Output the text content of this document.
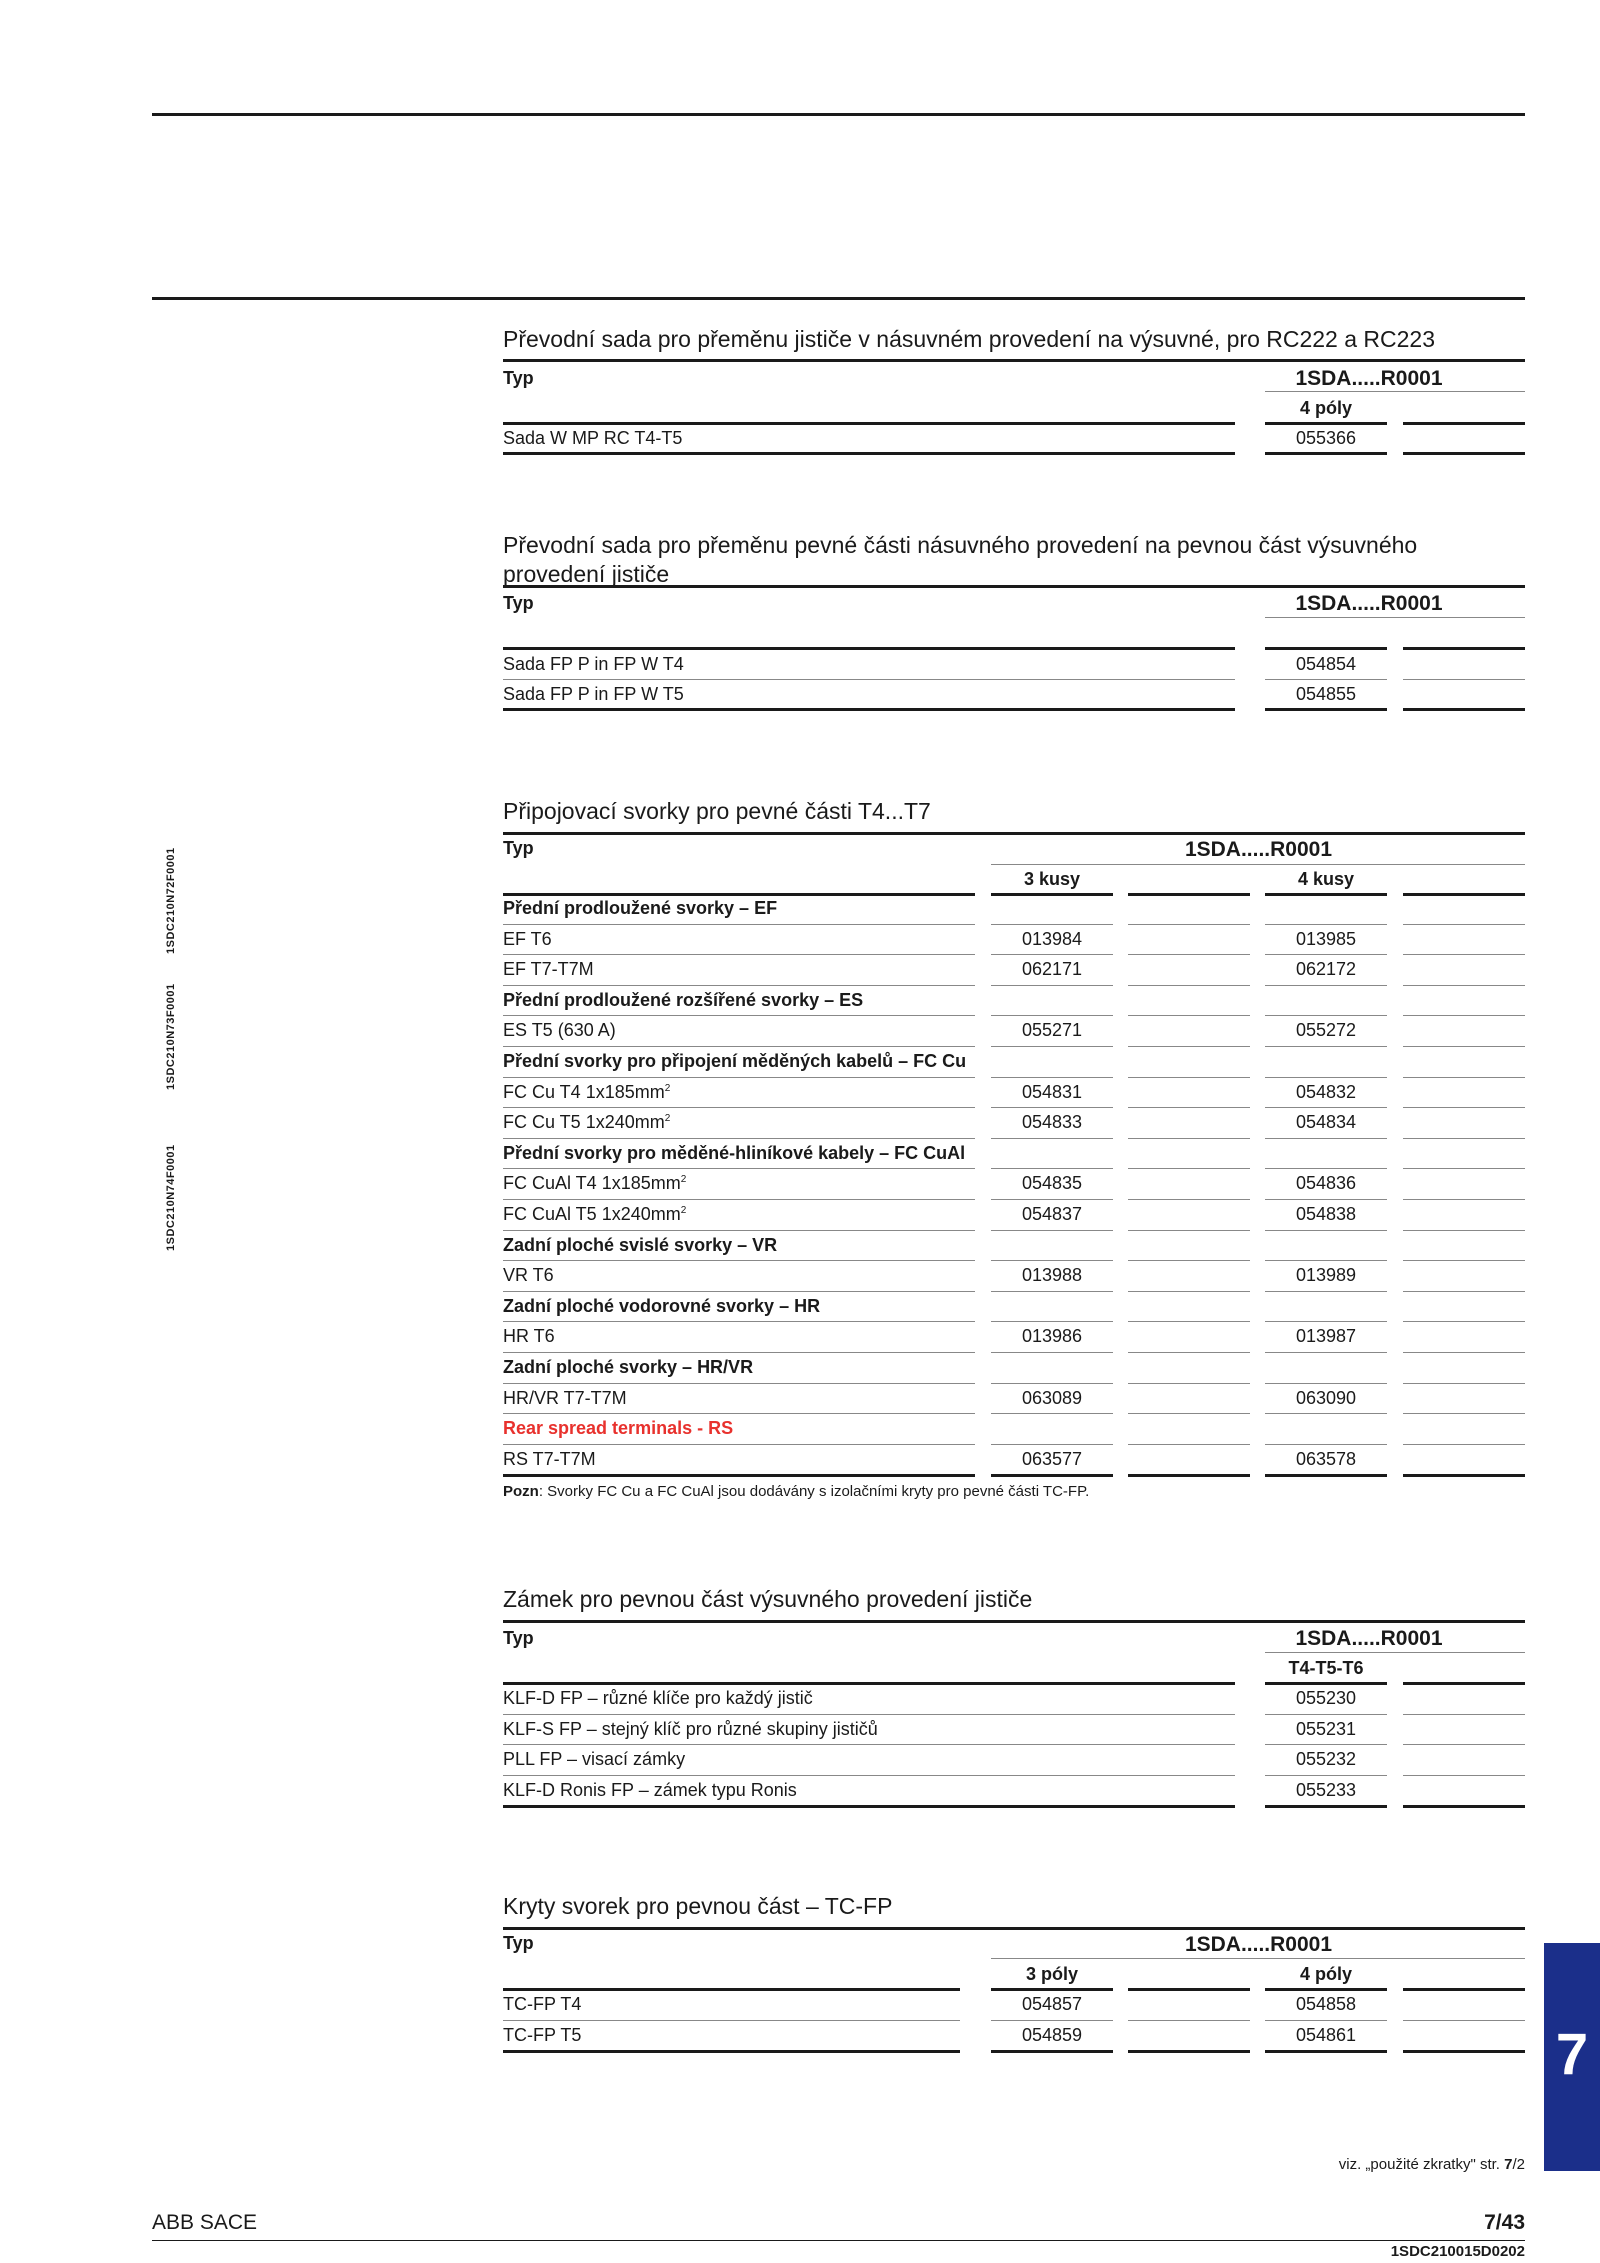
1SDC210N72F0001
1SDC210N73F0001
1SDC210N74F0001
Převodní sada pro přeměnu jističe v násuvném provedení na výsuvné, pro RC222 a RC223
Typ	1SDA.....R0001
4 póly
Sada W MP RC T4-T5	055366
Převodní sada pro přeměnu pevné části násuvného provedení na pevnou část výsuvného provedení jističe
Typ	1SDA.....R0001
Sada FP P in FP W T4	054854
Sada FP P in FP W T5	054855
Připojovací svorky pro pevné části T4...T7
Typ	1SDA.....R0001
3 kusy	4 kusy
Přední prodloužené svorky – EF
EF T6	013984	013985
EF T7-T7M	062171	062172
Přední prodloužené rozšířené svorky – ES
ES T5 (630 A)	055271	055272
Přední svorky pro připojení měděných kabelů – FC Cu
FC Cu T4 $1x185mm^2$	054831	054832
FC Cu T5 $1x240mm^2$	054833	054834
Přední svorky pro měděné-hliníkové kabely – FC CuAl
FC CuAl T4 $1x185mm^2$	054835	054836
FC CuAl T5 $1x240mm^2$	054837	054838
Zadní ploché svislé svorky – VR
VR T6	013988	013989
Zadní ploché vodorovné svorky – HR
HR T6	013986	013987
Zadní ploché svorky – HR/VR
HR/VR T7-T7M	063089	063090
Rear spread terminals - RS
RS T7-T7M	063577	063578
Pozn: Svorky FC Cu a FC CuAl jsou dodávány s izolačními kryty pro pevné části TC-FP.
Zámek pro pevnou část výsuvného provedení jističe
Typ	1SDA.....R0001
T4-T5-T6
KLF-D FP – různé klíče pro každý jistič	055230
KLF-S FP – stejný klíč pro různé skupiny jističů	055231
PLL FP – visací zámky	055232
KLF-D Ronis FP – zámek typu Ronis	055233
Kryty svorek pro pevnou část – TC-FP
Typ	1SDA.....R0001
3 póly	4 póly
TC-FP T4	054857	054858
TC-FP T5	054859	054861	7
viz. „použité zkratky" str. 7/2
ABB SACE	7/43
1SDC210015D0202
